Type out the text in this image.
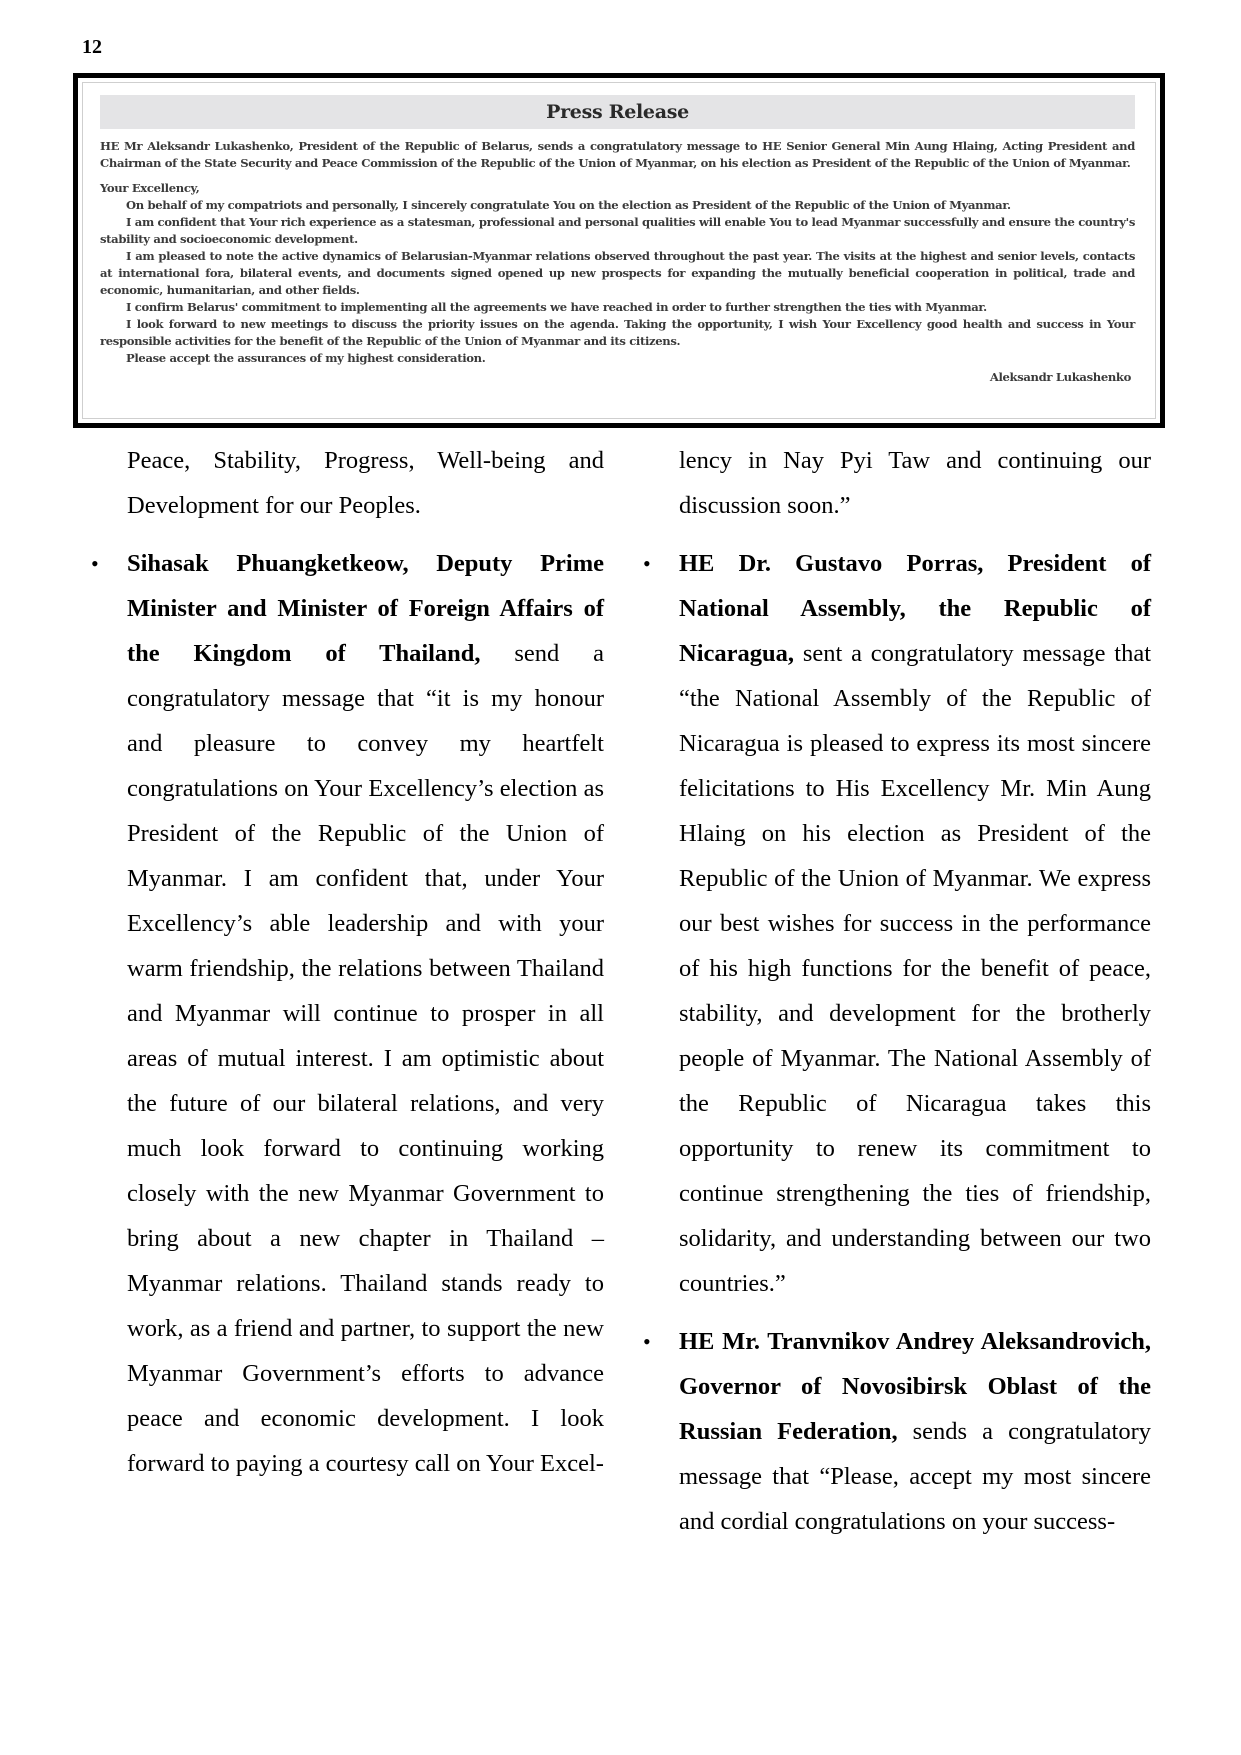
12
Press Release

HE Mr Aleksandr Lukashenko, President of the Republic of Belarus, sends a congratulatory message to HE Senior General Min Aung Hlaing, Acting President and Chairman of the State Security and Peace Commission of the Republic of the Union of Myanmar, on his election as President of the Republic of the Union of Myanmar.

Your Excellency,

On behalf of my compatriots and personally, I sincerely congratulate You on the election as President of the Republic of the Union of Myanmar.

I am confident that Your rich experience as a statesman, professional and personal qualities will enable You to lead Myanmar successfully and ensure the country's stability and socioeconomic development.

I am pleased to note the active dynamics of Belarusian-Myanmar relations observed throughout the past year. The visits at the highest and senior levels, contacts at international fora, bilateral events, and documents signed opened up new prospects for expanding the mutually beneficial cooperation in political, trade and economic, humanitarian, and other fields.

I confirm Belarus' commitment to implementing all the agreements we have reached in order to further strengthen the ties with Myanmar.

I look forward to new meetings to discuss the priority issues on the agenda. Taking the opportunity, I wish Your Excellency good health and success in Your responsible activities for the benefit of the Republic of the Union of Myanmar and its citizens.

Please accept the assurances of my highest consideration.

Aleksandr Lukashenko

Peace, Stability, Progress, Well-being and Development for our Peoples.

• Sihasak Phuangketkeow, Deputy Prime Minister and Minister of Foreign Affairs of the Kingdom of Thailand, send a congratulatory message that “it is my honour and pleasure to convey my heartfelt congratulations on Your Excellency’s election as President of the Republic of the Union of Myanmar. I am confident that, under Your Excellency’s able leadership and with your warm friendship, the relations between Thailand and Myanmar will continue to prosper in all areas of mutual interest. I am optimistic about the future of our bilateral relations, and very much look forward to continuing working closely with the new Myanmar Government to bring about a new chapter in Thailand – Myanmar relations. Thailand stands ready to work, as a friend and partner, to support the new Myanmar Government’s efforts to advance peace and economic development. I look forward to paying a courtesy call on Your Excel-

lency in Nay Pyi Taw and continuing our discussion soon.”

• HE Dr. Gustavo Porras, President of National Assembly, the Republic of Nicaragua, sent a congratulatory message that “the National Assembly of the Republic of Nicaragua is pleased to express its most sincere felicitations to His Excellency Mr. Min Aung Hlaing on his election as President of the Republic of the Union of Myanmar. We express our best wishes for success in the performance of his high functions for the benefit of peace, stability, and development for the brotherly people of Myanmar. The National Assembly of the Republic of Nicaragua takes this opportunity to renew its commitment to continue strengthening the ties of friendship, solidarity, and understanding between our two countries.”

• HE Mr. Tranvnikov Andrey Aleksandrovich, Governor of Novosibirsk Oblast of the Russian Federation, sends a congratulatory message that “Please, accept my most sincere and cordial congratulations on your success-
